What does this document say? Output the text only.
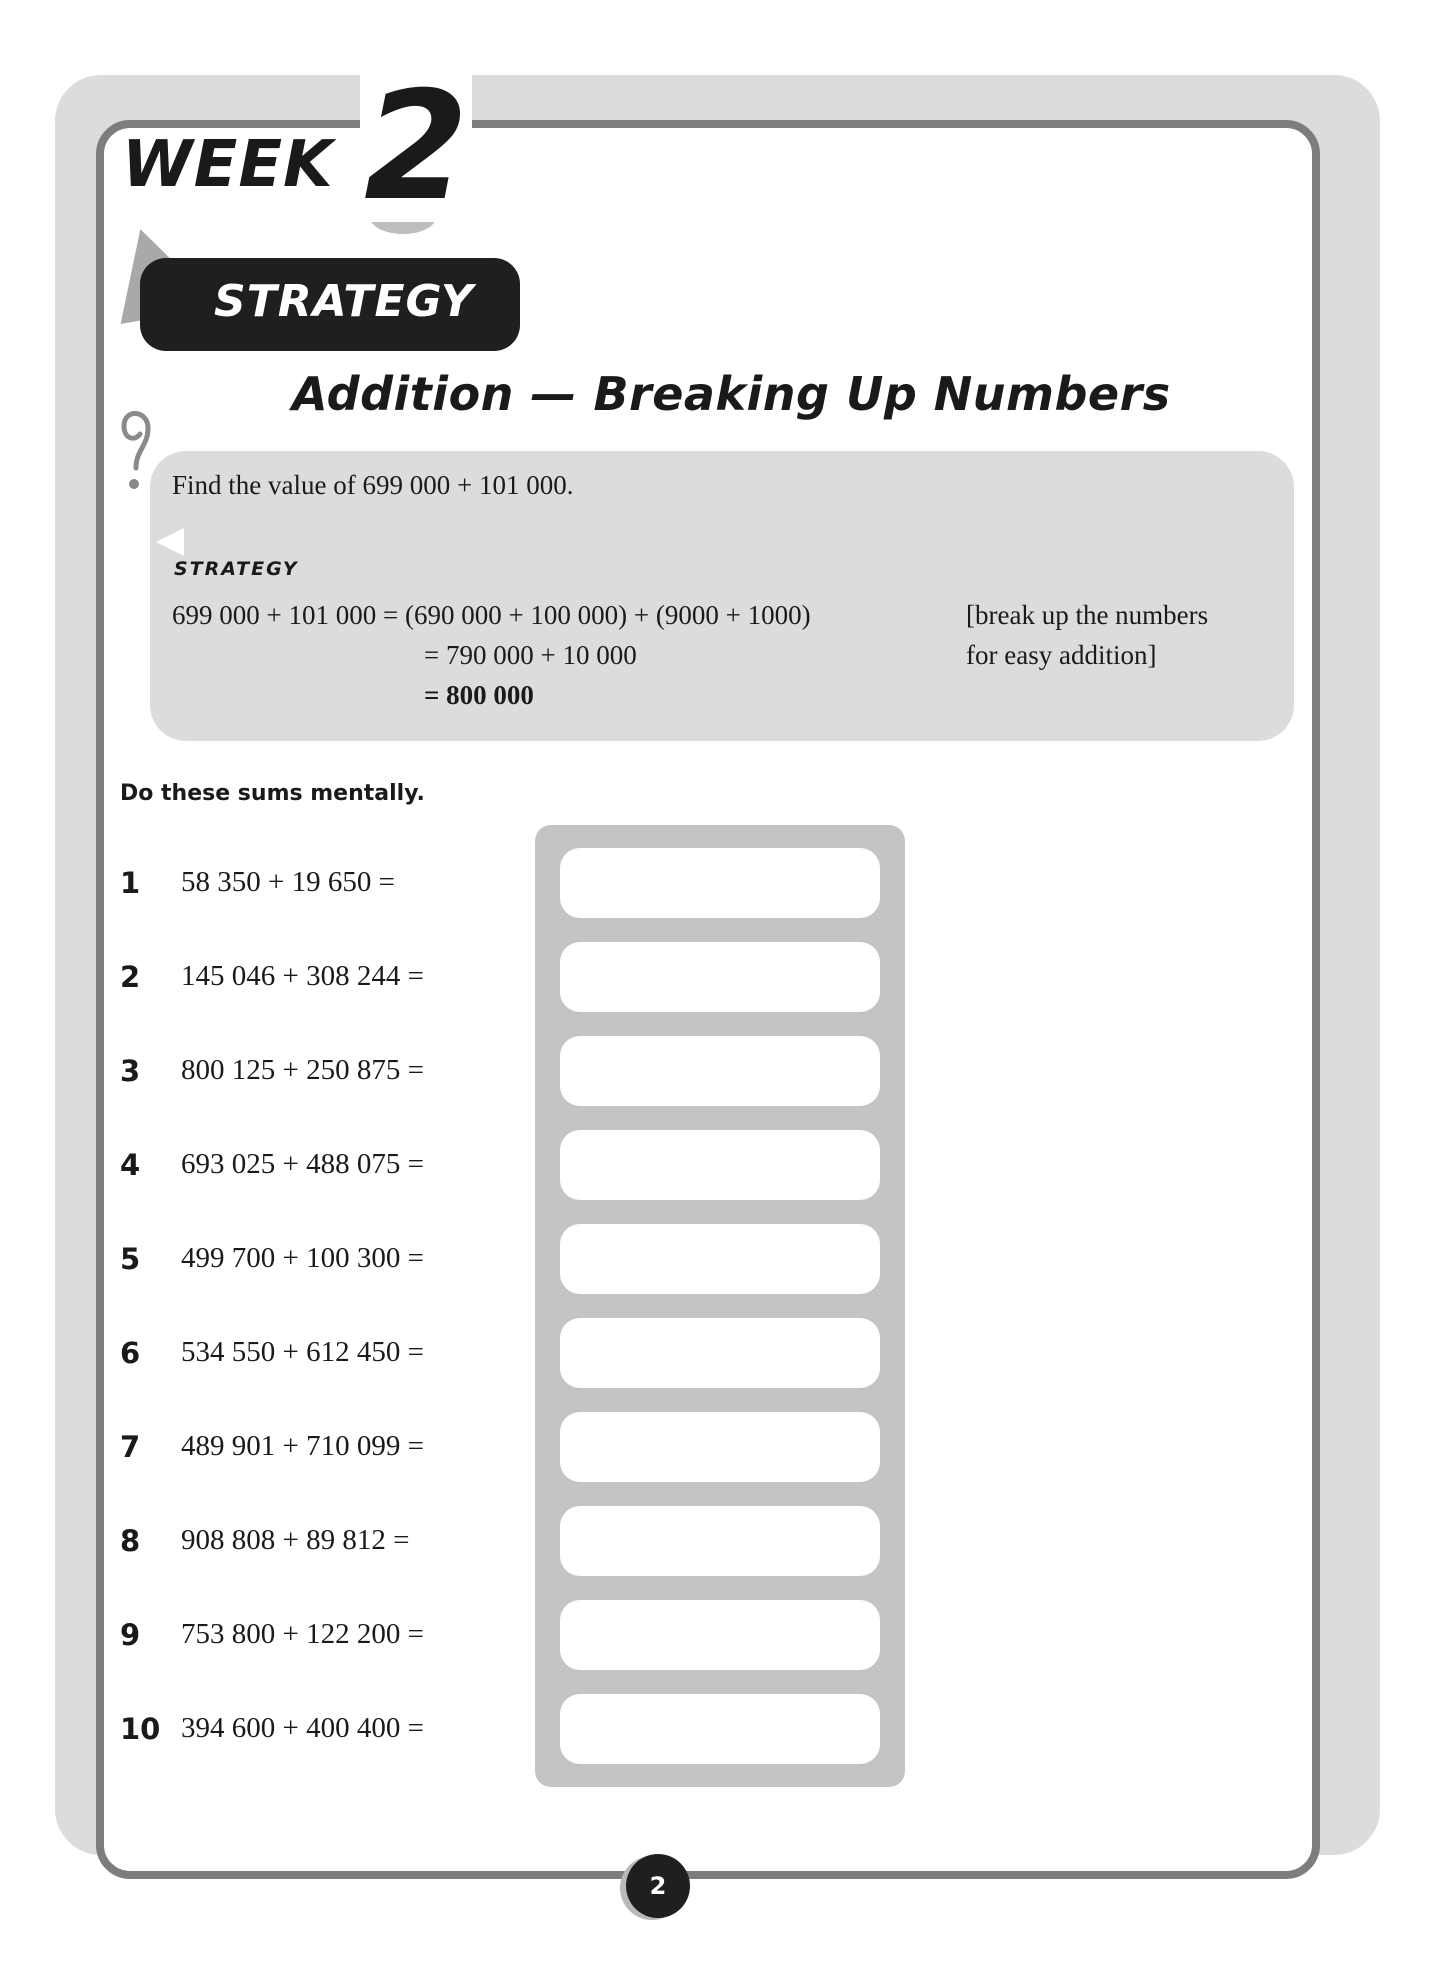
WEEK 2
STRATEGY
Addition — Breaking Up Numbers
Find the value of 699 000 + 101 000.
STRATEGY
699 000 + 101 000 = (690 000 + 100 000) + (9000 + 1000)
= 790 000 + 10 000
= 800 000
[break up the numbers
for easy addition]
Do these sums mentally.
1	58 350 + 19 650 =
2	145 046 + 308 244 =
3	800 125 + 250 875 =
4	693 025 + 488 075 =
5	499 700 + 100 300 =
6	534 550 + 612 450 =
7	489 901 + 710 099 =
8	908 808 + 89 812 =
9	753 800 + 122 200 =
10 394 600 + 400 400 =
2
